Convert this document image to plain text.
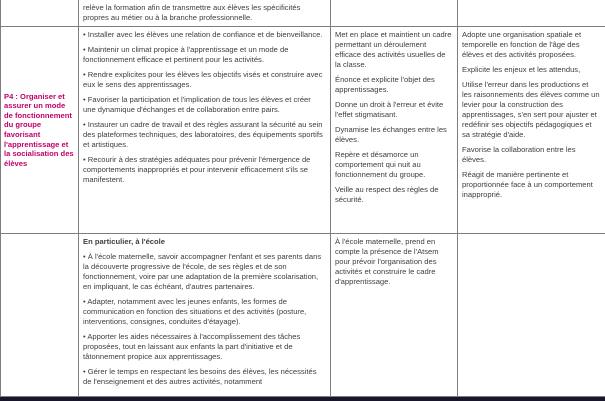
relève la formation afin de transmettre aux élèves les spécificités propres au métier ou à la branche professionnelle.

P4 : Organiser et assurer un mode de fonctionnement du groupe favorisant l'apprentissage et la socialisation des élèves

• Installer avec les élèves une relation de confiance et de bienveillance.

• Maintenir un climat propice à l'apprentissage et un mode de fonctionnement efficace et pertinent pour les activités.

• Rendre explicites pour les élèves les objectifs visés et construire avec eux le sens des apprentissages.

• Favoriser la participation et l'implication de tous les élèves et créer une dynamique d'échanges et de collaboration entre pairs.

• Instaurer un cadre de travail et des règles assurant la sécurité au sein des plateformes techniques, des laboratoires, des équipements sportifs et artistiques.

• Recourir à des stratégies adéquates pour prévenir l'émergence de comportements inappropriés et pour intervenir efficacement s'ils se manifestent.

Met en place et maintient un cadre permettant un déroulement efficace des activités usuelles de la classe.

Énonce et explicite l'objet des apprentissages.

Donne un droit à l'erreur et évite l'effet stigmatisant.

Dynamise les échanges entre les élèves.

Repère et désamorce un comportement qui nuit au fonctionnement du groupe.

Veille au respect des règles de sécurité.

Adopte une organisation spatiale et temporelle en fonction de l'âge des élèves et des activités proposées.

Explicite les enjeux et les attendus,

Utilise l'erreur dans les productions et les raisonnements des élèves comme un levier pour la construction des apprentissages, s'en sert pour ajuster et redéfinir ses objectifs pédagogiques et sa stratégie d'aide.

Favorise la collaboration entre les élèves.

Réagit de manière pertinente et proportionnée face à un comportement inapproprié.

En particulier, à l'école

• À l'école maternelle, savoir accompagner l'enfant et ses parents dans la découverte progressive de l'école, de ses règles et de son fonctionnement, voire par une adaptation de la première scolarisation, en impliquant, le cas échéant, d'autres partenaires.

• Adapter, notamment avec les jeunes enfants, les formes de communication en fonction des situations et des activités (posture, interventions, consignes, conduites d'étayage).

• Apporter les aides nécessaires à l'accomplissement des tâches proposées, tout en laissant aux enfants la part d'initiative et de tâtonnement propice aux apprentissages.

• Gérer le temps en respectant les besoins des élèves, les nécessités de l'enseignement et des autres activités, notamment

À l'école maternelle, prend en compte la présence de l'Atsem pour prévoir l'organisation des activités et construire le cadre d'apprentissage.
